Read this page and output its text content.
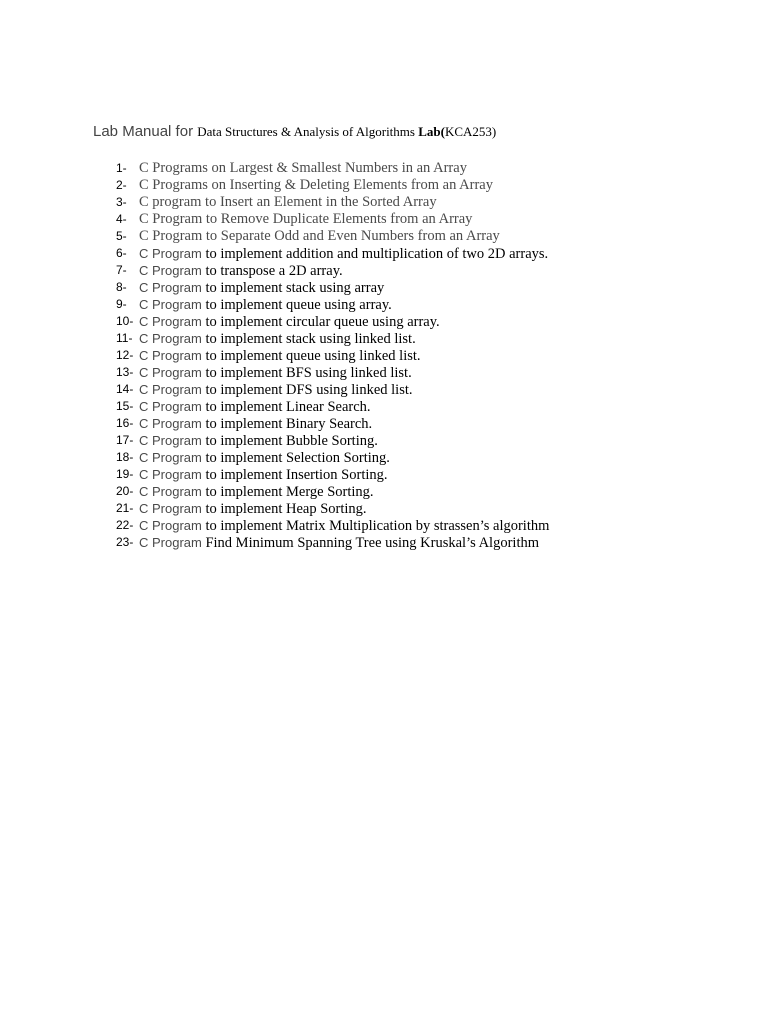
Lab Manual for Data Structures & Analysis of Algorithms Lab(KCA253)
1- C Programs on Largest & Smallest Numbers in an Array
2- C Programs on Inserting & Deleting Elements from an Array
3- C program to Insert an Element in the Sorted Array
4- C Program to Remove Duplicate Elements from an Array
5- C Program to Separate Odd and Even Numbers from an Array
6- C Program to implement addition and multiplication of two 2D arrays.
7- C Program to transpose a 2D array.
8- C Program to implement stack using array
9- C Program to implement queue using array.
10- C Program to implement circular queue using array.
11- C Program to implement stack using linked list.
12- C Program to implement queue using linked list.
13- C Program to implement BFS using linked list.
14- C Program to implement DFS using linked list.
15- C Program to implement Linear Search.
16- C Program to implement Binary Search.
17- C Program to implement Bubble Sorting.
18- C Program to implement Selection Sorting.
19- C Program to implement Insertion Sorting.
20- C Program to implement Merge Sorting.
21- C Program to implement Heap Sorting.
22- C Program to implement Matrix Multiplication by strassen’s algorithm
23- C Program Find Minimum Spanning Tree using Kruskal’s Algorithm
